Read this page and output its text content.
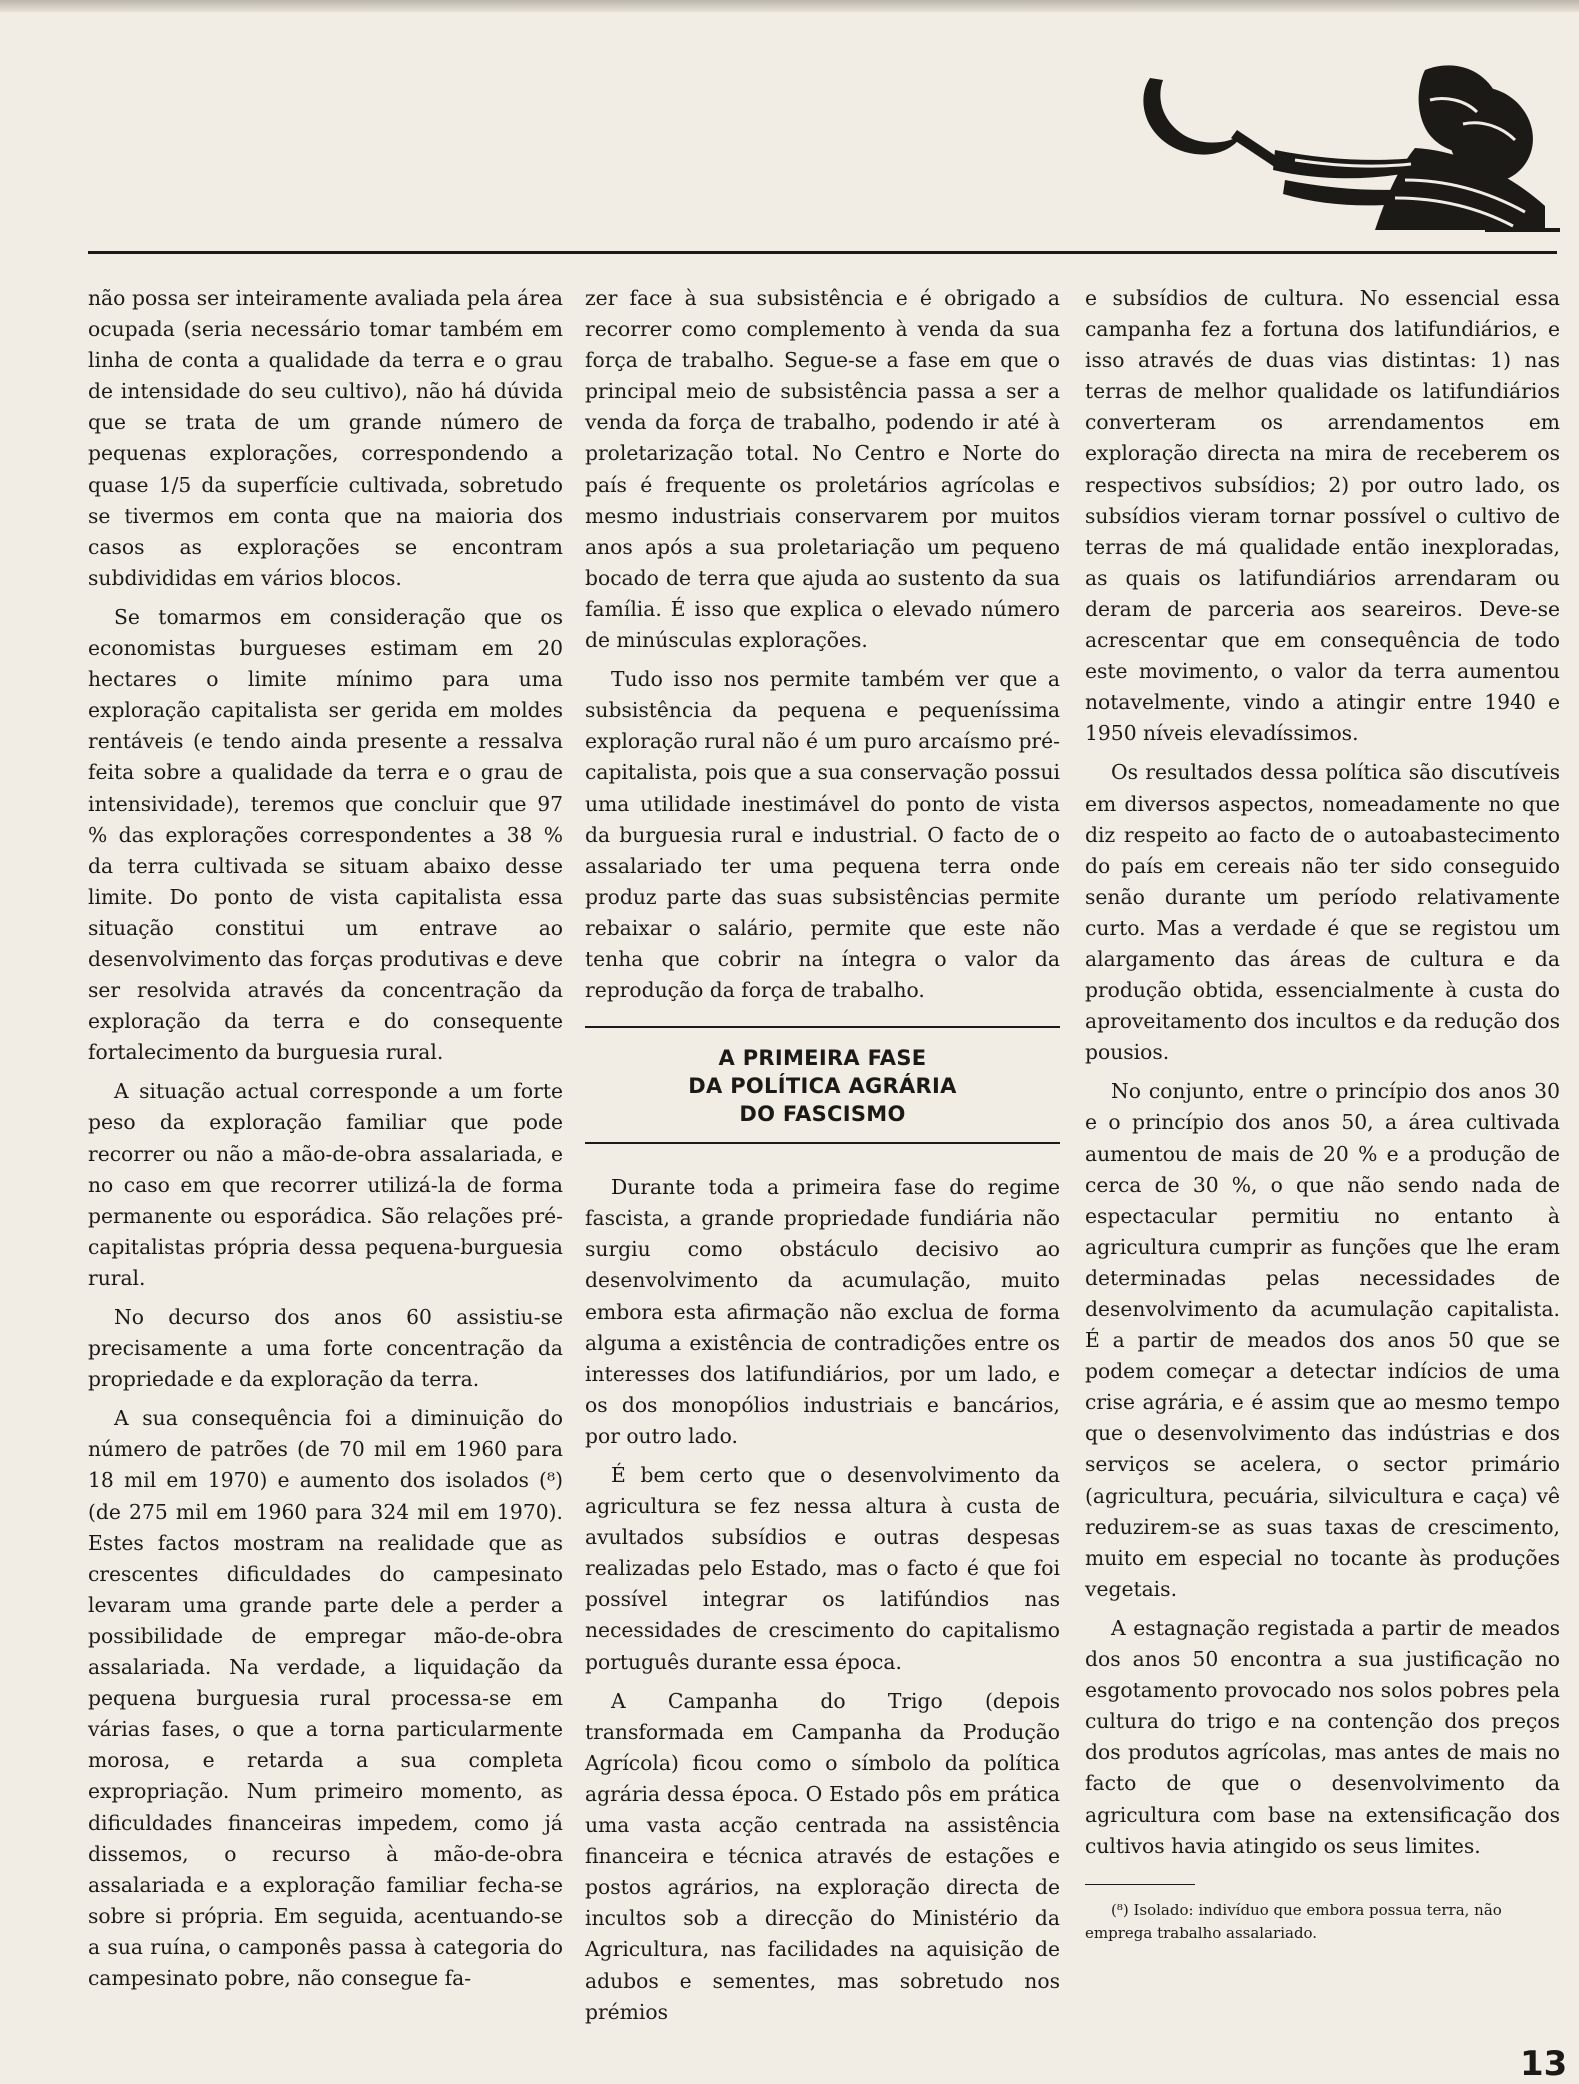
não possa ser inteiramente avaliada pela área ocupada (seria necessário tomar também em linha de conta a qualidade da terra e o grau de intensidade do seu cultivo), não há dúvida que se trata de um grande número de pequenas explorações, correspondendo a quase 1/5 da superfície cultivada, sobretudo se tivermos em conta que na maioria dos casos as explorações se encontram subdivididas em vários blocos.

Se tomarmos em consideração que os economistas burgueses estimam em 20 hectares o limite mínimo para uma exploração capitalista ser gerida em moldes rentáveis (e tendo ainda presente a ressalva feita sobre a qualidade da terra e o grau de intensividade), teremos que concluir que 97 % das explorações correspondentes a 38 % da terra cultivada se situam abaixo desse limite. Do ponto de vista capitalista essa situação constitui um entrave ao desenvolvimento das forças produtivas e deve ser resolvida através da concentração da exploração da terra e do consequente fortalecimento da burguesia rural.

A situação actual corresponde a um forte peso da exploração familiar que pode recorrer ou não a mão-de-obra assalariada, e no caso em que recorrer utilizá-la de forma permanente ou esporádica. São relações pré-capitalistas própria dessa pequena-burguesia rural.

No decurso dos anos 60 assistiu-se precisamente a uma forte concentração da propriedade e da exploração da terra.

A sua consequência foi a diminuição do número de patrões (de 70 mil em 1960 para 18 mil em 1970) e aumento dos isolados (⁸) (de 275 mil em 1960 para 324 mil em 1970). Estes factos mostram na realidade que as crescentes dificuldades do campesinato levaram uma grande parte dele a perder a possibilidade de empregar mão-de-obra assalariada. Na verdade, a liquidação da pequena burguesia rural processa-se em várias fases, o que a torna particularmente morosa, e retarda a sua completa expropriação. Num primeiro momento, as dificuldades financeiras impedem, como já dissemos, o recurso à mão-de-obra assalariada e a exploração familiar fecha-se sobre si própria. Em seguida, acentuando-se a sua ruína, o camponês passa à categoria do campesinato pobre, não consegue fa-

zer face à sua subsistência e é obrigado a recorrer como complemento à venda da sua força de trabalho. Segue-se a fase em que o principal meio de subsistência passa a ser a venda da força de trabalho, podendo ir até à proletarização total. No Centro e Norte do país é frequente os proletários agrícolas e mesmo industriais conservarem por muitos anos após a sua proletariação um pequeno bocado de terra que ajuda ao sustento da sua família. É isso que explica o elevado número de minúsculas explorações.

Tudo isso nos permite também ver que a subsistência da pequena e pequeníssima exploração rural não é um puro arcaísmo pré-capitalista, pois que a sua conservação possui uma utilidade inestimável do ponto de vista da burguesia rural e industrial. O facto de o assalariado ter uma pequena terra onde produz parte das suas subsistências permite rebaixar o salário, permite que este não tenha que cobrir na íntegra o valor da reprodução da força de trabalho.

A PRIMEIRA FASE
DA POLÍTICA AGRÁRIA
DO FASCISMO

Durante toda a primeira fase do regime fascista, a grande propriedade fundiária não surgiu como obstáculo decisivo ao desenvolvimento da acumulação, muito embora esta afirmação não exclua de forma alguma a existência de contradições entre os interesses dos latifundiários, por um lado, e os dos monopólios industriais e bancários, por outro lado.

É bem certo que o desenvolvimento da agricultura se fez nessa altura à custa de avultados subsídios e outras despesas realizadas pelo Estado, mas o facto é que foi possível integrar os latifúndios nas necessidades de crescimento do capitalismo português durante essa época.

A Campanha do Trigo (depois transformada em Campanha da Produção Agrícola) ficou como o símbolo da política agrária dessa época. O Estado pôs em prática uma vasta acção centrada na assistência financeira e técnica através de estações e postos agrários, na exploração directa de incultos sob a direcção do Ministério da Agricultura, nas facilidades na aquisição de adubos e sementes, mas sobretudo nos prémios

e subsídios de cultura. No essencial essa campanha fez a fortuna dos latifundiários, e isso através de duas vias distintas: 1) nas terras de melhor qualidade os latifundiários converteram os arrendamentos em exploração directa na mira de receberem os respectivos subsídios; 2) por outro lado, os subsídios vieram tornar possível o cultivo de terras de má qualidade então inexploradas, as quais os latifundiários arrendaram ou deram de parceria aos seareiros. Deve-se acrescentar que em consequência de todo este movimento, o valor da terra aumentou notavelmente, vindo a atingir entre 1940 e 1950 níveis elevadíssimos.

Os resultados dessa política são discutíveis em diversos aspectos, nomeadamente no que diz respeito ao facto de o autoabastecimento do país em cereais não ter sido conseguido senão durante um período relativamente curto. Mas a verdade é que se registou um alargamento das áreas de cultura e da produção obtida, essencialmente à custa do aproveitamento dos incultos e da redução dos pousios.

No conjunto, entre o princípio dos anos 30 e o princípio dos anos 50, a área cultivada aumentou de mais de 20 % e a produção de cerca de 30 %, o que não sendo nada de espectacular permitiu no entanto à agricultura cumprir as funções que lhe eram determinadas pelas necessidades de desenvolvimento da acumulação capitalista. É a partir de meados dos anos 50 que se podem começar a detectar indícios de uma crise agrária, e é assim que ao mesmo tempo que o desenvolvimento das indústrias e dos serviços se acelera, o sector primário (agricultura, pecuária, silvicultura e caça) vê reduzirem-se as suas taxas de crescimento, muito em especial no tocante às produções vegetais.

A estagnação registada a partir de meados dos anos 50 encontra a sua justificação no esgotamento provocado nos solos pobres pela cultura do trigo e na contenção dos preços dos produtos agrícolas, mas antes de mais no facto de que o desenvolvimento da agricultura com base na extensificação dos cultivos havia atingido os seus limites.

(⁸) Isolado: indivíduo que embora possua terra, não emprega trabalho assalariado.

13
